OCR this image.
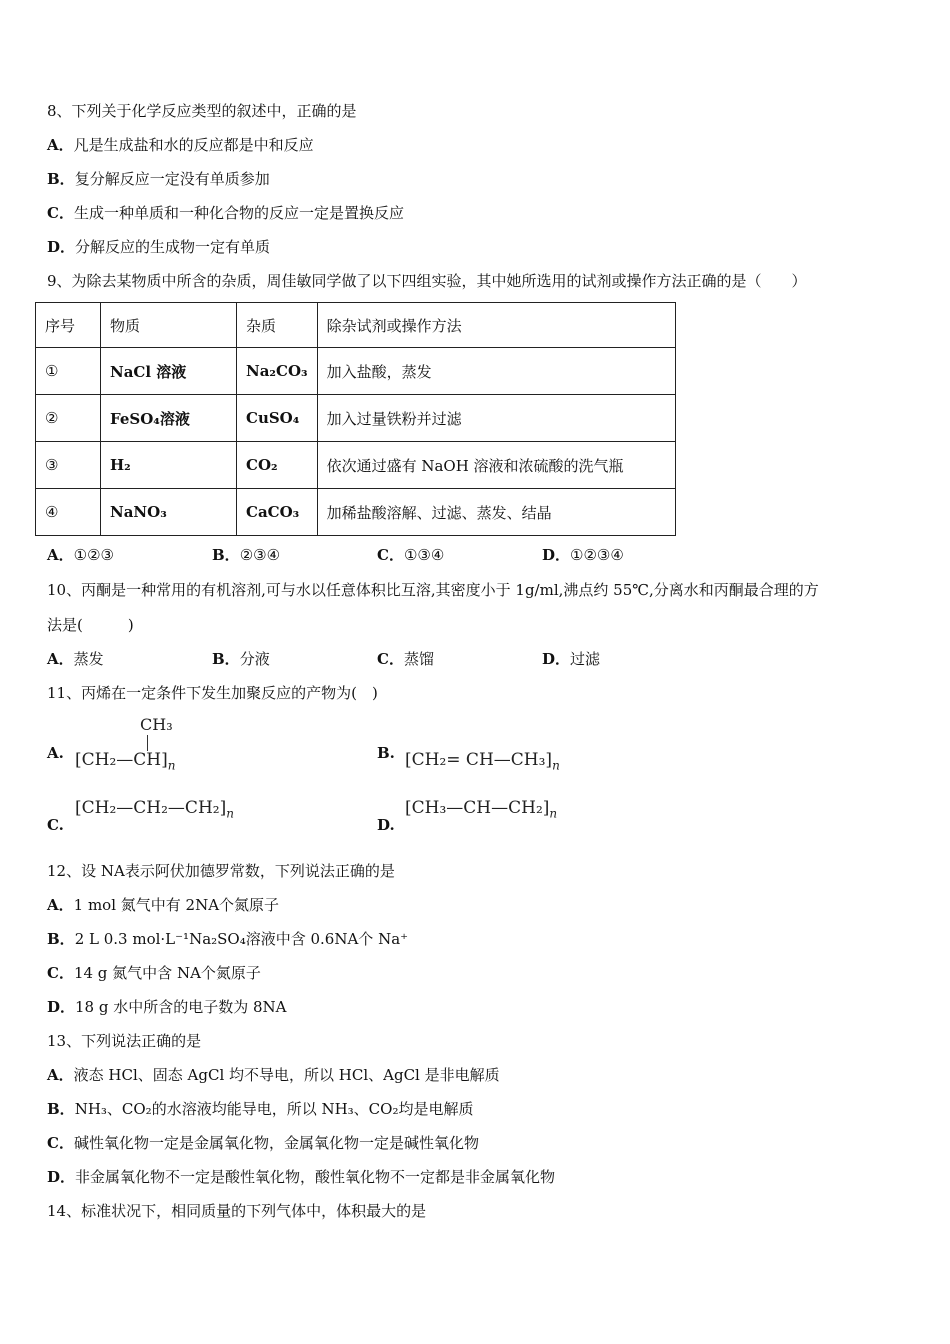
8、下列关于化学反应类型的叙述中，正确的是
A．凡是生成盐和水的反应都是中和反应
B．复分解反应一定没有单质参加
C．生成一种单质和一种化合物的反应一定是置换反应
D．分解反应的生成物一定有单质
9、为除去某物质中所含的杂质，周佳敏同学做了以下四组实验，其中她所选用的试剂或操作方法正确的是（　　）
序号	物质	杂质	除杂试剂或操作方法
①	NaCl 溶液	Na₂CO₃	加入盐酸，蒸发
②	FeSO₄溶液	CuSO₄	加入过量铁粉并过滤
③	H₂	CO₂	依次通过盛有 NaOH 溶液和浓硫酸的洗气瓶
④	NaNO₃	CaCO₃	加稀盐酸溶解、过滤、蒸发、结晶
A．①②③	B．②③④	C．①③④	D．①②③④
10、丙酮是一种常用的有机溶剂,可与水以任意体积比互溶,其密度小于 1g/ml,沸点约 55℃,分离水和丙酮最合理的方
法是(　　　)
A．蒸发	B．分液	C．蒸馏	D．过滤
11、丙烯在一定条件下发生加聚反应的产物为(　)
A.
CH₃
$[CH_2—CH]_n$
B. $[CH_2= CH—CH_3]_n$
C.
$[CH_2—CH_2—CH_2]_n$
D.
$[CH_3—CH—CH_2]_n$
12、设 NA表示阿伏加德罗常数，下列说法正确的是
A．1 mol 氮气中有 2NA个氮原子
B．2 L 0.3 mol·L⁻¹Na₂SO₄溶液中含 0.6NA个 Na⁺
C．14 g 氮气中含 NA个氮原子
D．18 g 水中所含的电子数为 8NA
13、下列说法正确的是
A．液态 HCl、固态 AgCl 均不导电，所以 HCl、AgCl 是非电解质
B．NH₃、CO₂的水溶液均能导电，所以 NH₃、CO₂均是电解质
C．碱性氧化物一定是金属氧化物，金属氧化物一定是碱性氧化物
D．非金属氧化物不一定是酸性氧化物，酸性氧化物不一定都是非金属氧化物
14、标准状况下，相同质量的下列气体中，体积最大的是
